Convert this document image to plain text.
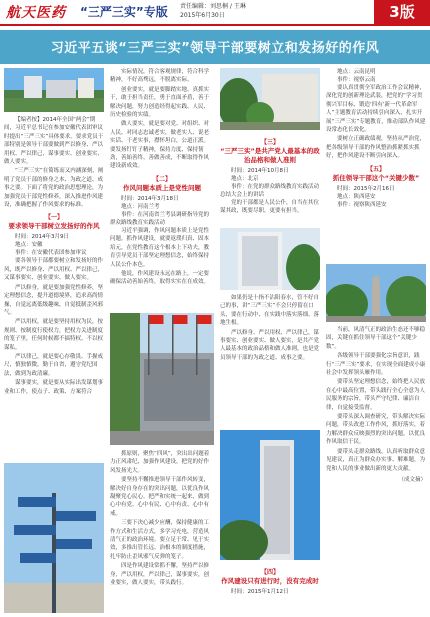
航天医药 “三严三实”专版 责任编辑：刘思桐 / 王琳
2015年6月30日	3版
习近平五谈“三严三实”领导干部要树立和发扬好的作风

【编者按】2014年全国“两会”期间，习近平总书记在参加安徽代表团审议时提出“三严三实”具体要求。要求党员干部特别是领导干部要做到严以修身、严以用权、严以律己，谋事要实、创业要实、做人要实。

“三严三实”在简练而又内涵深刻，阐明了党员干部的修身之本、为政之道、成事之要。下面了将党的政治思想理论，为加强党员干部党性修养，深入推进作风建设，准确把握了作风要求的标准。

【一】
要求领导干部树立发扬好的作风

时间：2014年3月9日

地点：安徽

事件：在安徽代表团参加审议

要各领导干部都要树立和发扬好的作风，既严以修身、严以用权、严以律己，又谋事要实、创业要实、做人要实。

严以修身，就是要加强党性修养，坚定理想信念，提升道德境界，追求高尚情操，自觉远离低级趣味，自觉抵制歪风邪气。

严以用权，就是要坚持用权为民，按规则、按制度行使权力，把权力关进制度的笼子里，任何时候都不搞特权、不以权谋私。

严以律己，就是要心存敬畏、手握戒尺，慎独慎微，勤于自省，遵守党纪国法，做到为政清廉。

谋事要实，就是要从实际出发谋划事业和工作，使点子、政策、方案符合

实际情况，符合客观规律，符合科学精神，不好高骛远，不脱离实际。

创业要实，就是要脚踏实地、真抓实干，敢于担当责任，勇于直面矛盾，善于解决问题，努力创造经得起实践、人民、历史检验的实绩。

做人要实，就是要对党、对组织、对人民、对同志忠诚老实，做老实人、说老实话、干老实事，襟怀坦白，公道正派。要发扬钉钉子精神，保持力度、保持韧劲，善始善终、善做善成，不断取得作风建设新成效。

【二】
作风问题本质上是党性问题

时间：2014年3月18日

地点：河南兰考

事件：在河南省兰考县调研指导党的群众路线教育实践活动

习近平强调，作风问题本质上是党性问题。抓作风建设，就要返璞归真、固本培元，在党性教育这个根本上下功夫，教育引导党员干部坚定理想信念，始终保持人民公仆本色。

他说，作风建设永远在路上，一定要确保活动善始善终，取得实实在在成效。

抓原则，聚焦“四风”，突出出问题着力正风肃纪，加强作风建设，把党的好作风发扬光大。

要坚持不懈推进领导干部作风转变，解决好自身存在的突出问题，以优良作风凝聚党心民心。把严和实统一起来，做到心中有党、心中有民、心中有责、心中有戒。

三要下决心减少应酬，保持健康的工作方式和生活方式，多学习充电，营造风清气正的政治环境。要立足于常、见于实效，多推出管长远、治根本的制度措施，扎牢防止歪风邪气反弹的笼子。

四是作风建设常抓不懈，坚持严以修身，严以用权，严以律己，谋事要实，创业要实，做人要实，带头践行。

【三】
“三严三实”是共产党人最基本的政治品格和做人准则

时间：2014年10月8日

地点：北京

事件：在党的群众路线教育实践活动总结大会上的讲话

党的干部都是人民公仆，自当在其位谋其政，既要尽职，更要有担当。

如果仍是十指不沾阳春水，管不好自己的事，讲“三严三实”不会只停留在口头，要在行动中、在实践中落实落细、落地生根。

严以修身、严以用权、严以律己，谋事要实、创业要实、做人要实，是共产党人最基本的政治品格和做人准则，也是党员领导干部的为政之道、成事之要。

【四】
作风建设只有进行时，没有完成时

时间：2015年1月12日

地点：云南昆明

事件：视察云南

要认真贯彻全军政治工作会议精神，深化党的创新理论武装，把党的“学习贯彻兴军目标、锻造‘四有’新一代革命军人”主题教育活动持续引向深入，扎实开展“三严三实”专题教育，推动部队作风建设常态化长效化。

要树立正确政绩观，坚持从严治党，把各级领导干部的作风整治抓紧抓实抓好，把作风建设不断引向深入。

【五】
抓住领导干部这个“关键少数”

时间：2015年2月16日

地点：陕西延安

事件：视察陕西延安

当前，风清气正的政治生态还不够稳固，关键在抓住领导干部这个“关键少数”。

各级领导干部要强化宗旨意识，践行“三严三实”要求，在实现全面建成小康社会中发挥领头雁作用。

要带头坚定理想信念，始终把人民放在心中最高位置，带头践行全心全意为人民服务的宗旨，带头严守纪律、廉洁自律，自觉接受监督。

要带头深入调查研究，带头解决实际问题，带头改进工作作风，抓好落实，着力解决群众反映强烈的突出问题，以优良作风取信于民。

要带头走群众路线，认真听取群众意见建议，真正为群众办实事、解难题，为党和人民的事业做出新的更大贡献。

（成文摘）
